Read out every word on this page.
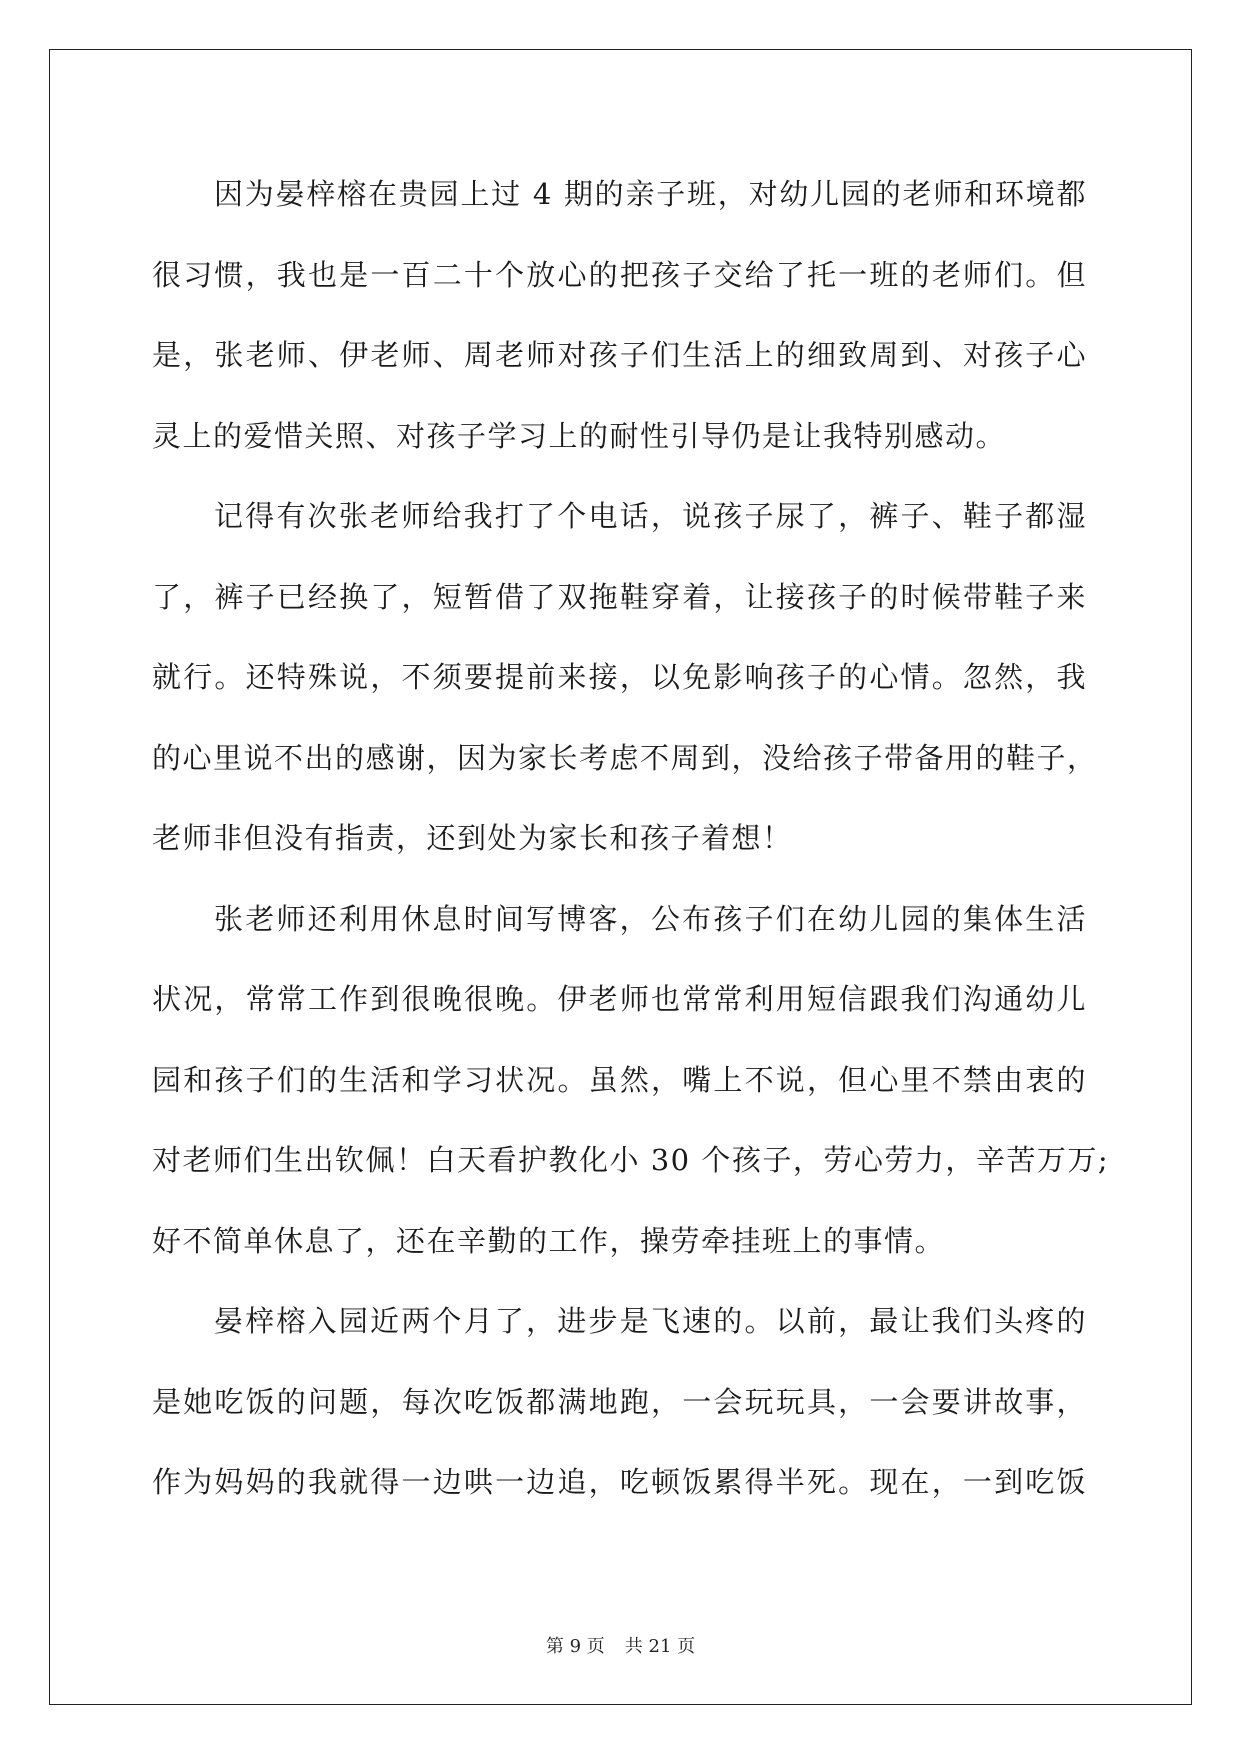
因为晏梓榕在贵园上过 4 期的亲子班，对幼儿园的老师和环境都

很习惯，我也是一百二十个放心的把孩子交给了托一班的老师们。但

是，张老师、伊老师、周老师对孩子们生活上的细致周到、对孩子心

灵上的爱惜关照、对孩子学习上的耐性引导仍是让我特别感动。

记得有次张老师给我打了个电话，说孩子尿了，裤子、鞋子都湿

了，裤子已经换了，短暂借了双拖鞋穿着，让接孩子的时候带鞋子来

就行。还特殊说，不须要提前来接，以免影响孩子的心情。忽然，我

的心里说不出的感谢，因为家长考虑不周到，没给孩子带备用的鞋子，

老师非但没有指责，还到处为家长和孩子着想！

张老师还利用休息时间写博客，公布孩子们在幼儿园的集体生活

状况，常常工作到很晚很晚。伊老师也常常利用短信跟我们沟通幼儿

园和孩子们的生活和学习状况。虽然，嘴上不说，但心里不禁由衷的

对老师们生出钦佩！白天看护教化小 30 个孩子，劳心劳力，辛苦万万;

好不简单休息了，还在辛勤的工作，操劳牵挂班上的事情。

晏梓榕入园近两个月了，进步是飞速的。以前，最让我们头疼的

是她吃饭的问题，每次吃饭都满地跑，一会玩玩具，一会要讲故事，

作为妈妈的我就得一边哄一边追，吃顿饭累得半死。现在，一到吃饭

第 9 页 共 21 页
